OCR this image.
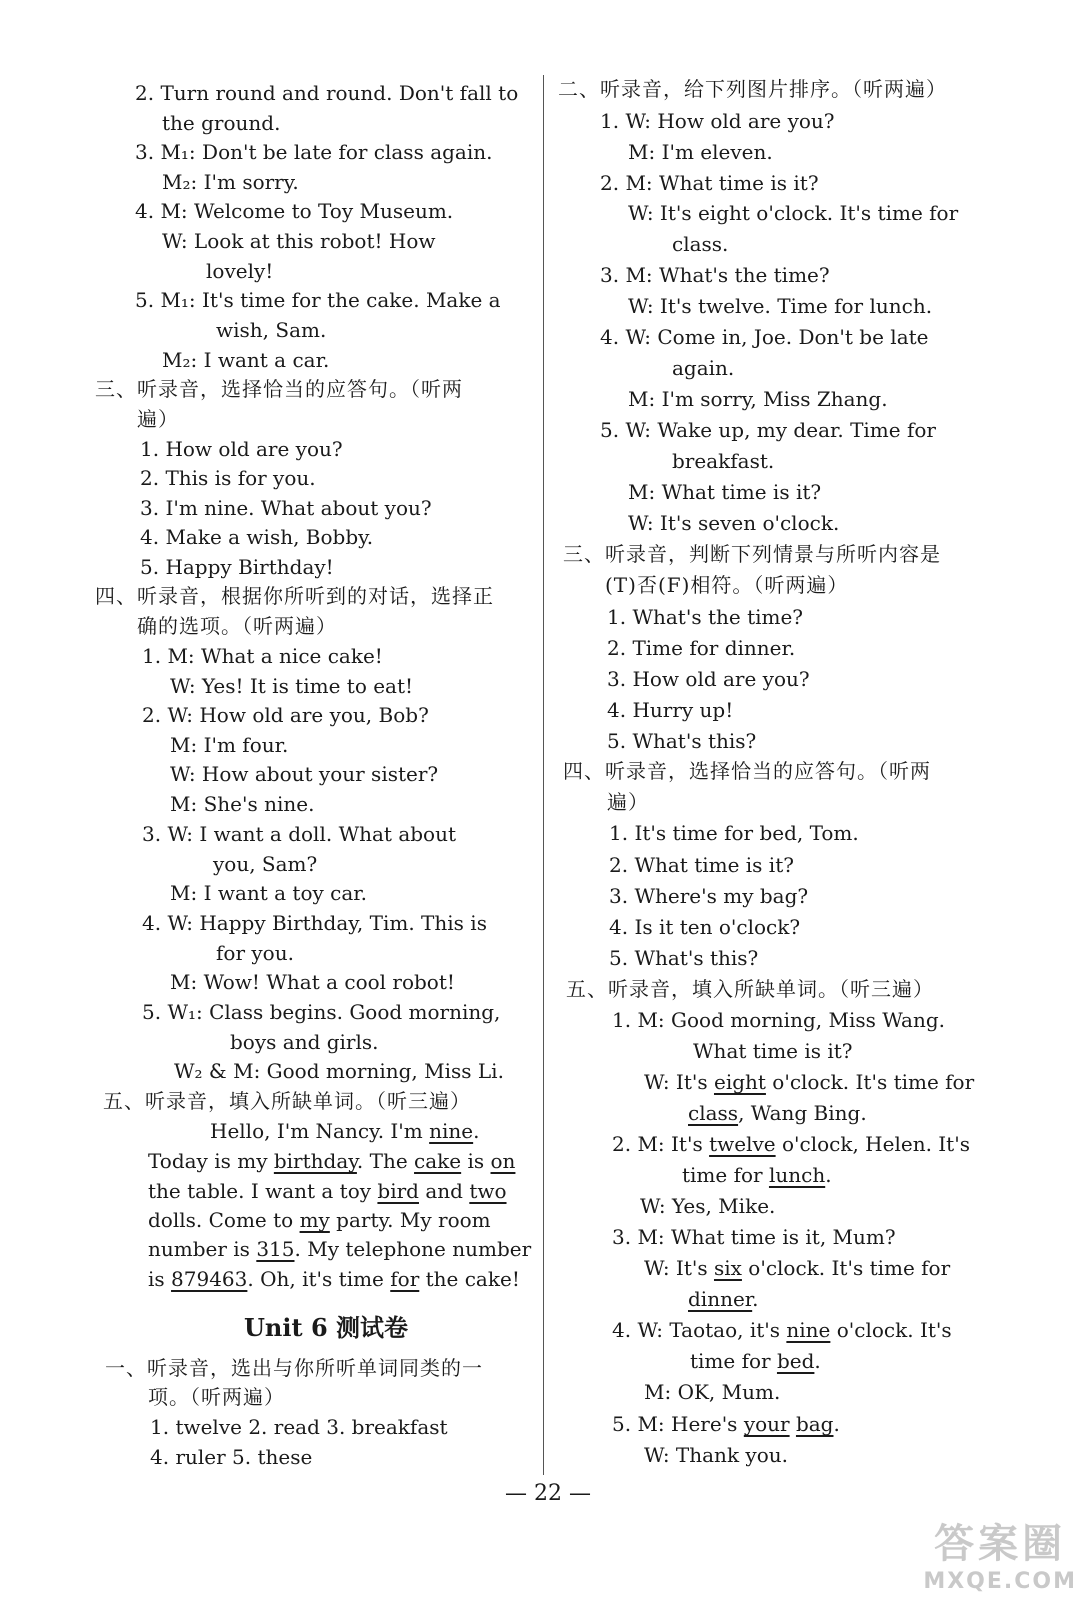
2. Turn round and round. Don't fall to
the ground.
3. M₁: Don't be late for class again.
M₂: I'm sorry.
4. M: Welcome to Toy Museum.
W: Look at this robot! How
lovely!
5. M₁: It's time for the cake. Make a
wish, Sam.
M₂: I want a car.
三、听录音，选择恰当的应答句。（听两
遍）
1. How old are you?
2. This is for you.
3. I'm nine. What about you?
4. Make a wish, Bobby.
5. Happy Birthday!
四、听录音，根据你所听到的对话，选择正
确的选项。（听两遍）
1. M: What a nice cake!
W: Yes! It is time to eat!
2. W: How old are you, Bob?
M: I'm four.
W: How about your sister?
M: She's nine.
3. W: I want a doll. What about
you, Sam?
M: I want a toy car.
4. W: Happy Birthday, Tim. This is
for you.
M: Wow! What a cool robot!
5. W₁: Class begins. Good morning,
boys and girls.
W₂ & M: Good morning, Miss Li.
五、听录音，填入所缺单词。（听三遍）
Hello, I'm Nancy. I'm nine.
Today is my birthday. The cake is on
the table. I want a toy bird and two
dolls. Come to my party. My room
number is 315. My telephone number
is 879463. Oh, it's time for the cake!
Unit 6 测试卷
一、听录音，选出与你所听单词同类的一
项。（听两遍）
1. twelve 2. read 3. breakfast
4. ruler 5. these
二、听录音，给下列图片排序。（听两遍）
1. W: How old are you?
M: I'm eleven.
2. M: What time is it?
W: It's eight o'clock. It's time for
class.
3. M: What's the time?
W: It's twelve. Time for lunch.
4. W: Come in, Joe. Don't be late
again.
M: I'm sorry, Miss Zhang.
5. W: Wake up, my dear. Time for
breakfast.
M: What time is it?
W: It's seven o'clock.
三、听录音，判断下列情景与所听内容是
(T)否(F)相符。（听两遍）
1. What's the time?
2. Time for dinner.
3. How old are you?
4. Hurry up!
5. What's this?
四、听录音，选择恰当的应答句。（听两
遍）
1. It's time for bed, Tom.
2. What time is it?
3. Where's my bag?
4. Is it ten o'clock?
5. What's this?
五、听录音，填入所缺单词。（听三遍）
1. M: Good morning, Miss Wang.
What time is it?
W: It's eight o'clock. It's time for
class, Wang Bing.
2. M: It's twelve o'clock, Helen. It's
time for lunch.
W: Yes, Mike.
3. M: What time is it, Mum?
W: It's six o'clock. It's time for
dinner.
4. W: Taotao, it's nine o'clock. It's
time for bed.
M: OK, Mum.
5. M: Here's your bag.
W: Thank you.
— 22 —
答案圈
MXQE.COM
